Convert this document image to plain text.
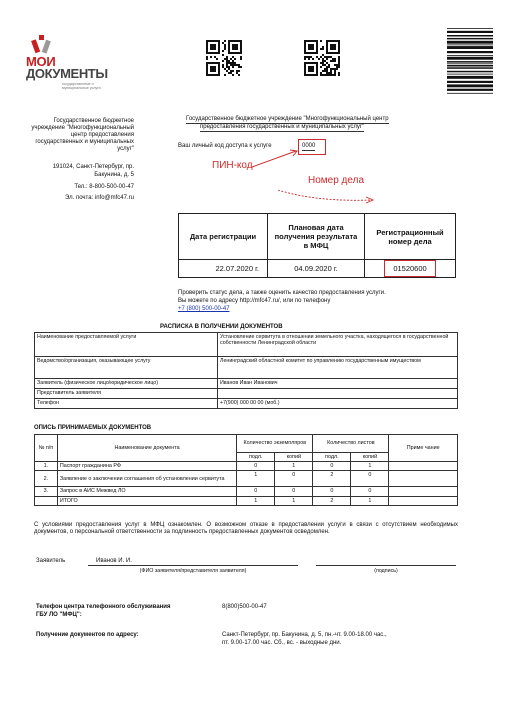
МОИ
ДОКУМЕНТЫ
государственные и муниципальные услуги
Государственное бюджетное учреждение "Многофункциональный центр предоставления государственных и муниципальных услуг"
191024, Санкт-Петербург, пр.
Бакунина, д. 5
Тел.: 8-800-500-00-47
Эл. почта: info@mfc47.ru
Государственное бюджетное учреждение "Многофункциональный центр
предоставления государственных и муниципальных услуг"
Ваш личный код доступа к услуге	0000
ПИН-код
Номер дела
Дата регистрации	Плановая дата получения результата в МФЦ	Регистрационный номер дела
22.07.2020 г.	04.09.2020 г.	01520600
Проверить статус дела, а также оценить качество предоставления услуги.
Вы можете по адресу http://mfc47.ru/, или по телефону
+7 (800) 500-00-47
РАСПИСКА В ПОЛУЧЕНИИ ДОКУМЕНТОВ
Наименование предоставляемой услуги	Установление сервитута в отношении земельного участка, находящегося в государственной собственности Ленинградской области
Ведомство/организация, оказывающее услугу	Ленинградский областной комитет по управлению государственным имуществом
Заявитель (физическое лицо/юридическое лицо)	Иванов Иван Иванович
Представитель заявителя	
Телефон	+7(900) 000 00 00 (моб.)
ОПИСЬ ПРИНИМАЕМЫХ ДОКУМЕНТОВ
№ п/п	Наименование документа	Количество экземпляров		Количество листов		Приме чание
		подл.	копий	подл.	копий	
1.	Паспорт гражданина РФ	0	1	0	1	
2.	Заявление о заключении соглашения об установлении сервитута	1	0	2	0	
3.	Запрос в АИС Межвед ЛО	0	0	0	0	
	ИТОГО	1	1	2	1	
С условиями предоставления услуг в МФЦ ознакомлен. О возможном отказе в предоставлении услуги в связи с отсутствием необходимых документов, о персональной ответственности за подлинность предоставленных документов осведомлен.
Заявитель	Иванов И. И.
(ФИО заявителя/представителя заявителя)	(подпись)
Телефон центра телефонного обслуживания
ГБУ ЛО "МФЦ":
8(800)500-00-47
Получение документов по адресу:	Санкт-Петербург, пр. Бакунина, д. 5, пн.-чт. 9.00-18.00 час.,
пт. 9.00-17.00 час. Сб., вс. - выходные дни.
